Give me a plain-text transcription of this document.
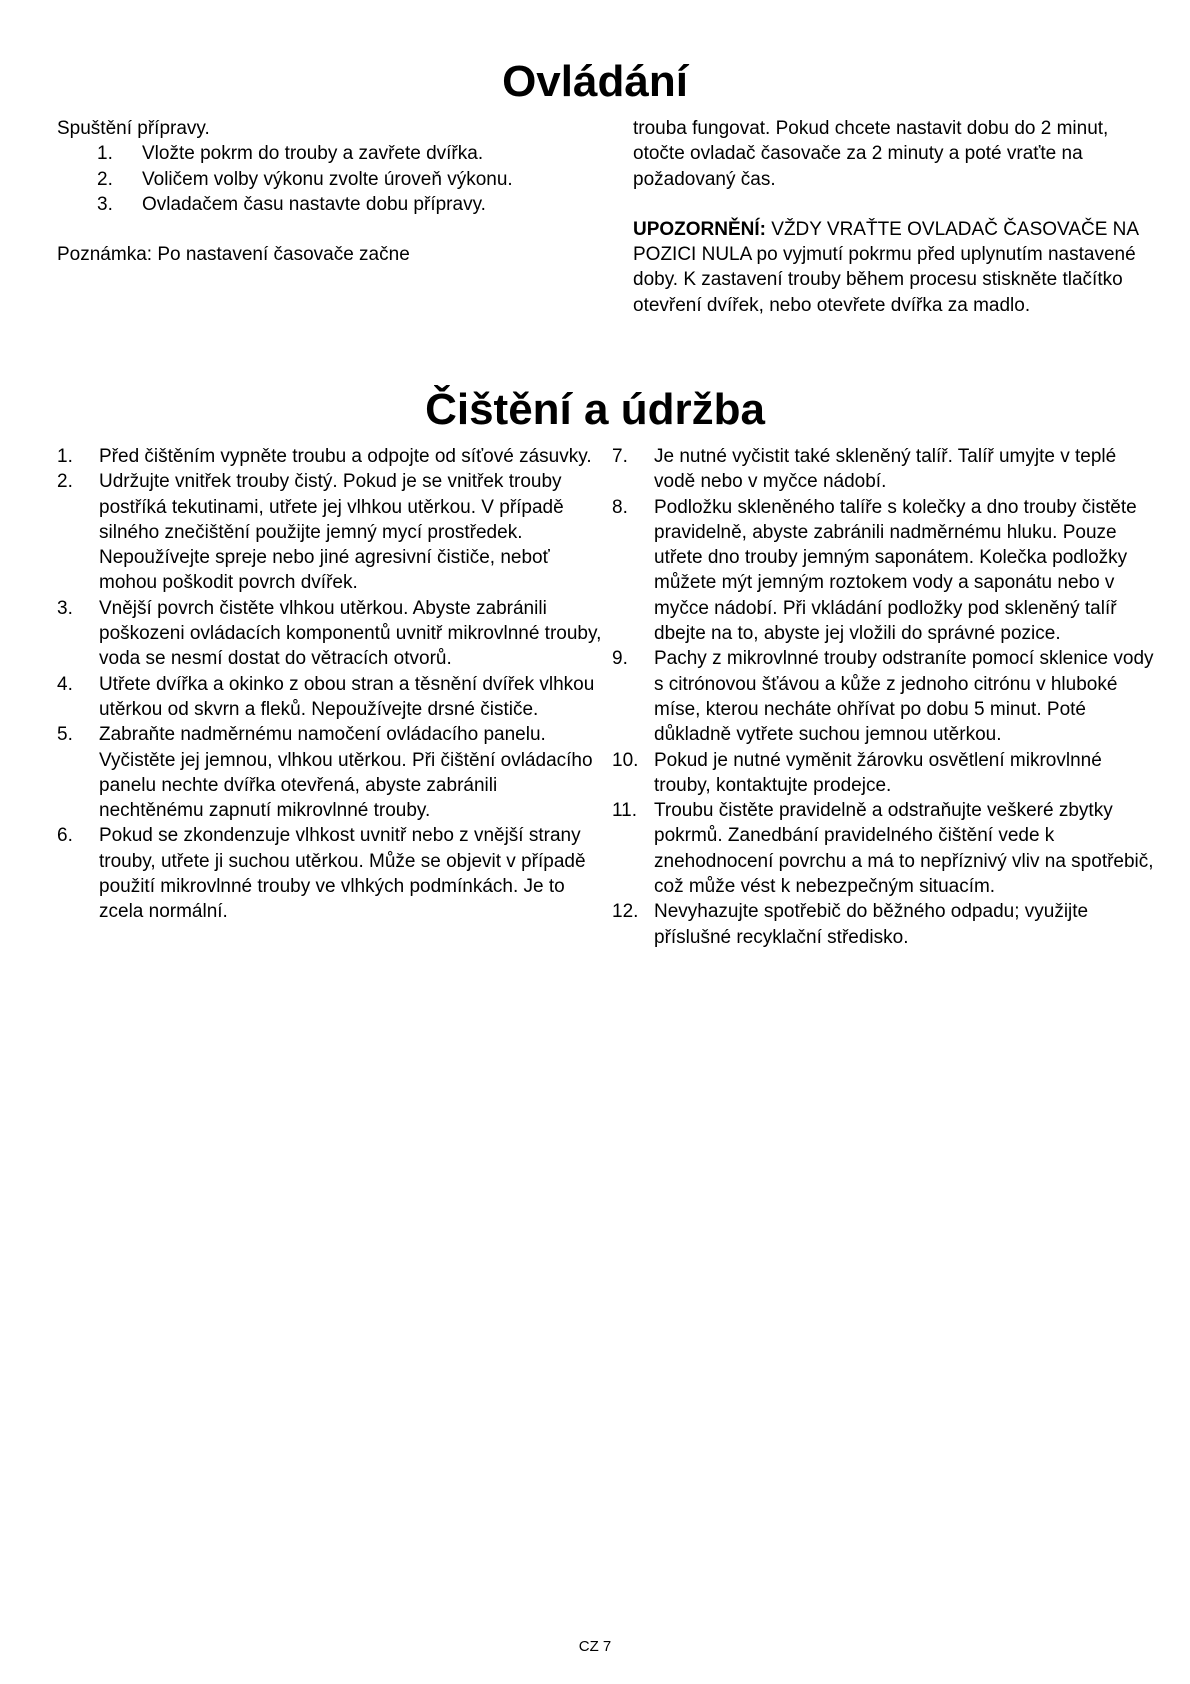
Ovládání

Spuštění přípravy.

1. Vložte pokrm do trouby a zavřete dvířka.
2. Voličem volby výkonu zvolte úroveň výkonu.
3. Ovladačem času nastavte dobu přípravy.

Poznámka: Po nastavení časovače začne

trouba fungovat. Pokud chcete nastavit dobu do 2 minut, otočte ovladač časovače za 2 minuty a poté vraťte na požadovaný čas.

UPOZORNĚNÍ: VŽDY VRAŤTE OVLADAČ ČASOVAČE NA POZICI NULA po vyjmutí pokrmu před uplynutím nastavené doby. K zastavení trouby během procesu stiskněte tlačítko otevření dvířek, nebo otevřete dvířka za madlo.

Čištění a údržba
1. Před čištěním vypněte troubu a odpojte od síťové zásuvky.
2. Udržujte vnitřek trouby čistý. Pokud je se vnitřek trouby postříká tekutinami, utřete jej vlhkou utěrkou. V případě silného znečištění použijte jemný mycí prostředek. Nepoužívejte spreje nebo jiné agresivní čističe, neboť mohou poškodit povrch dvířek.
3. Vnější povrch čistěte vlhkou utěrkou. Abyste zabránili poškozeni ovládacích komponentů uvnitř mikrovlnné trouby, voda se nesmí dostat do větracích otvorů.
4. Utřete dvířka a okinko z obou stran a těsnění dvířek vlhkou utěrkou od skvrn a fleků. Nepoužívejte drsné čističe.
5. Zabraňte nadměrnému namočení ovládacího panelu. Vyčistěte jej jemnou, vlhkou utěrkou. Při čištění ovládacího panelu nechte dvířka otevřená, abyste zabránili nechtěnému zapnutí mikrovlnné trouby.
6. Pokud se zkondenzuje vlhkost uvnitř nebo z vnější strany trouby, utřete ji suchou utěrkou. Může se objevit v případě použití mikrovlnné trouby ve vlhkých podmínkách. Je to zcela normální.
7. Je nutné vyčistit také skleněný talíř. Talíř umyjte v teplé vodě nebo v myčce nádobí.
8. Podložku skleněného talíře s kolečky a dno trouby čistěte pravidelně, abyste zabránili nadměrnému hluku. Pouze utřete dno trouby jemným saponátem. Kolečka podložky můžete mýt jemným roztokem vody a saponátu nebo v myčce nádobí. Při vkládání podložky pod skleněný talíř dbejte na to, abyste jej vložili do správné pozice.
9. Pachy z mikrovlnné trouby odstraníte pomocí sklenice vody s citrónovou šťávou a kůže z jednoho citrónu v hluboké míse, kterou necháte ohřívat po dobu 5 minut. Poté důkladně vytřete suchou jemnou utěrkou.
10. Pokud je nutné vyměnit žárovku osvětlení mikrovlnné trouby, kontaktujte prodejce.
11. Troubu čistěte pravidelně a odstraňujte veškeré zbytky pokrmů. Zanedbání pravidelného čištění vede k znehodnocení povrchu a má to nepříznivý vliv na spotřebič, což může vést k nebezpečným situacím.
12. Nevyhazujte spotřebič do běžného odpadu; využijte příslušné recyklační středisko.
CZ 7
